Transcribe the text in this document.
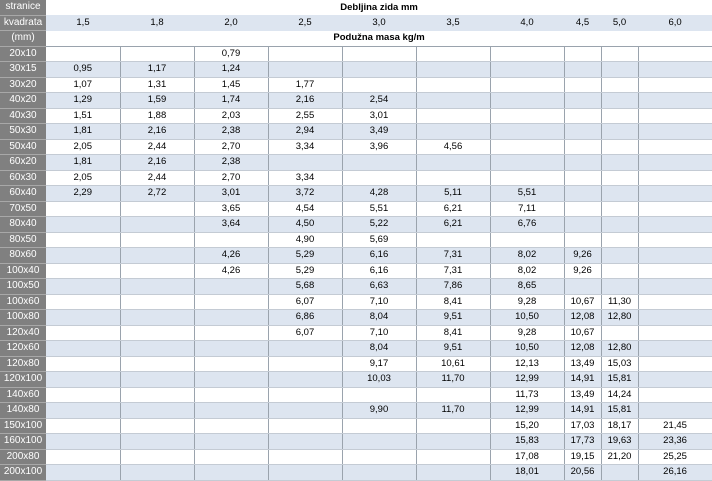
stranice	Debljina zida mm									
kvadrata	1,5	1,8	2,0	2,5	3,0	3,5	4,0	4,5	5,0	6,0
(mm)	Podužna masa kg/m									
20x10			0,79							
30x15	0,95	1,17	1,24							
30x20	1,07	1,31	1,45	1,77						
40x20	1,29	1,59	1,74	2,16	2,54					
40x30	1,51	1,88	2,03	2,55	3,01					
50x30	1,81	2,16	2,38	2,94	3,49					
50x40	2,05	2,44	2,70	3,34	3,96	4,56				
60x20	1,81	2,16	2,38							
60x30	2,05	2,44	2,70	3,34						
60x40	2,29	2,72	3,01	3,72	4,28	5,11	5,51			
70x50			3,65	4,54	5,51	6,21	7,11			
80x40			3,64	4,50	5,22	6,21	6,76			
80x50				4,90	5,69					
80x60			4,26	5,29	6,16	7,31	8,02	9,26		
100x40			4,26	5,29	6,16	7,31	8,02	9,26		
100x50				5,68	6,63	7,86	8,65			
100x60				6,07	7,10	8,41	9,28	10,67	11,30	
100x80				6,86	8,04	9,51	10,50	12,08	12,80	
120x40				6,07	7,10	8,41	9,28	10,67		
120x60					8,04	9,51	10,50	12,08	12,80	
120x80					9,17	10,61	12,13	13,49	15,03	
120x100					10,03	11,70	12,99	14,91	15,81	
140x60							11,73	13,49	14,24	
140x80					9,90	11,70	12,99	14,91	15,81	
150x100							15,20	17,03	18,17	21,45
160x100							15,83	17,73	19,63	23,36
200x80							17,08	19,15	21,20	25,25
200x100							18,01	20,56		26,16
